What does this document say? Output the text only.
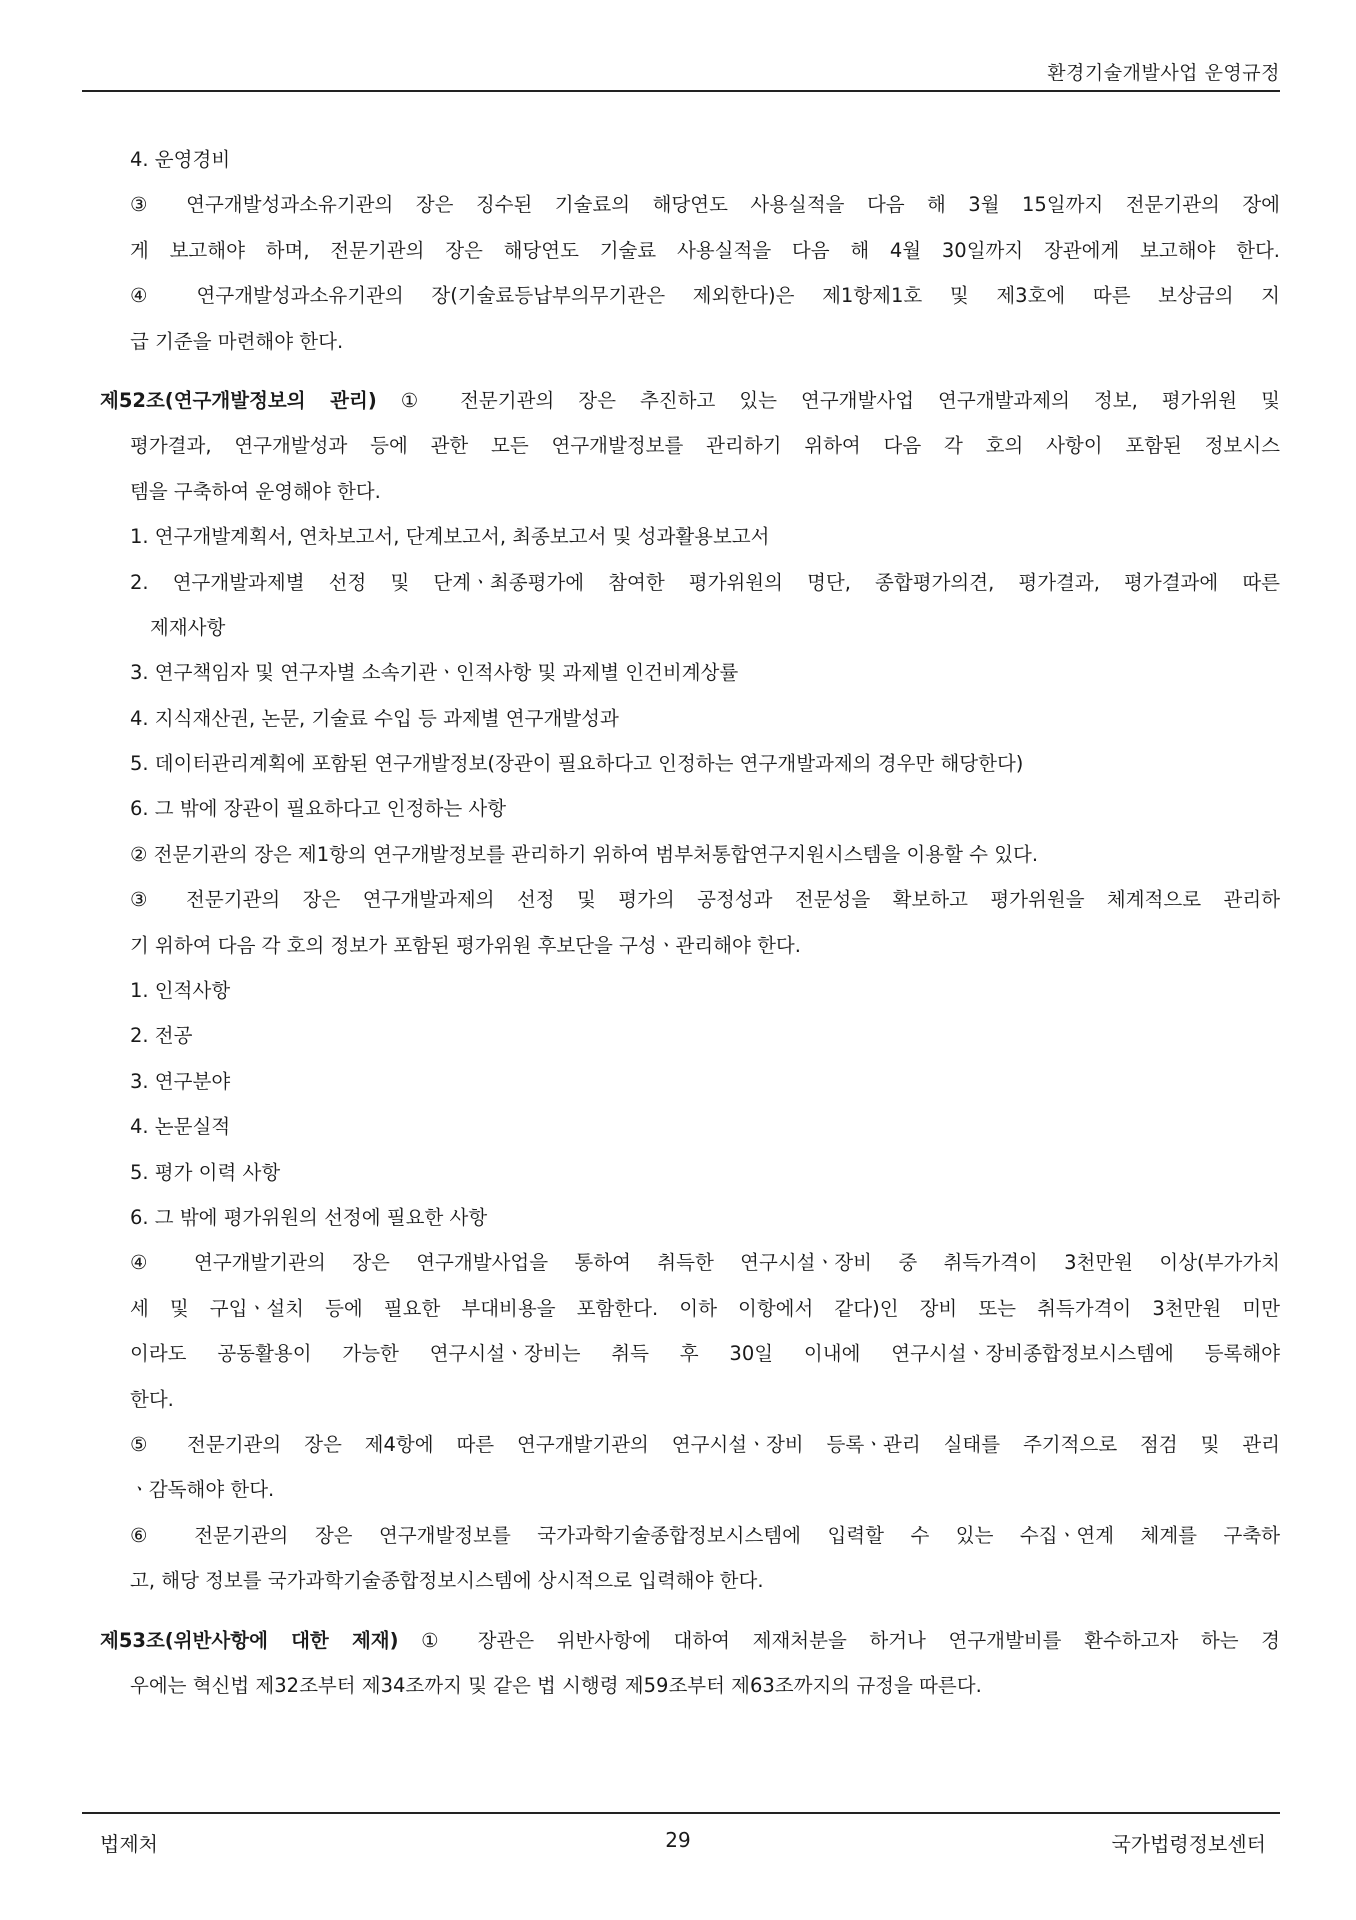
환경기술개발사업 운영규정
4. 운영경비
③ 연구개발성과소유기관의 장은 징수된 기술료의 해당연도 사용실적을 다음 해 3월 15일까지 전문기관의 장에
게 보고해야 하며, 전문기관의 장은 해당연도 기술료 사용실적을 다음 해 4월 30일까지 장관에게 보고해야 한다.
④ 연구개발성과소유기관의 장(기술료등납부의무기관은 제외한다)은 제1항제1호 및 제3호에 따른 보상금의 지
급 기준을 마련해야 한다.
제52조(연구개발정보의 관리) ① 전문기관의 장은 추진하고 있는 연구개발사업 연구개발과제의 정보, 평가위원 및
평가결과, 연구개발성과 등에 관한 모든 연구개발정보를 관리하기 위하여 다음 각 호의 사항이 포함된 정보시스
템을 구축하여 운영해야 한다.
1. 연구개발계획서, 연차보고서, 단계보고서, 최종보고서 및 성과활용보고서
2. 연구개발과제별 선정 및 단계ㆍ최종평가에 참여한 평가위원의 명단, 종합평가의견, 평가결과, 평가결과에 따른
제재사항
3. 연구책임자 및 연구자별 소속기관ㆍ인적사항 및 과제별 인건비계상률
4. 지식재산권, 논문, 기술료 수입 등 과제별 연구개발성과
5. 데이터관리계획에 포함된 연구개발정보(장관이 필요하다고 인정하는 연구개발과제의 경우만 해당한다)
6. 그 밖에 장관이 필요하다고 인정하는 사항
② 전문기관의 장은 제1항의 연구개발정보를 관리하기 위하여 범부처통합연구지원시스템을 이용할 수 있다.
③ 전문기관의 장은 연구개발과제의 선정 및 평가의 공정성과 전문성을 확보하고 평가위원을 체계적으로 관리하
기 위하여 다음 각 호의 정보가 포함된 평가위원 후보단을 구성ㆍ관리해야 한다.
1. 인적사항
2. 전공
3. 연구분야
4. 논문실적
5. 평가 이력 사항
6. 그 밖에 평가위원의 선정에 필요한 사항
④ 연구개발기관의 장은 연구개발사업을 통하여 취득한 연구시설ㆍ장비 중 취득가격이 3천만원 이상(부가가치
세 및 구입ㆍ설치 등에 필요한 부대비용을 포함한다. 이하 이항에서 같다)인 장비 또는 취득가격이 3천만원 미만
이라도 공동활용이 가능한 연구시설ㆍ장비는 취득 후 30일 이내에 연구시설ㆍ장비종합정보시스템에 등록해야
한다.
⑤ 전문기관의 장은 제4항에 따른 연구개발기관의 연구시설ㆍ장비 등록ㆍ관리 실태를 주기적으로 점검 및 관리
ㆍ감독해야 한다.
⑥ 전문기관의 장은 연구개발정보를 국가과학기술종합정보시스템에 입력할 수 있는 수집ㆍ연계 체계를 구축하
고, 해당 정보를 국가과학기술종합정보시스템에 상시적으로 입력해야 한다.
제53조(위반사항에 대한 제재) ① 장관은 위반사항에 대하여 제재처분을 하거나 연구개발비를 환수하고자 하는 경
우에는 혁신법 제32조부터 제34조까지 및 같은 법 시행령 제59조부터 제63조까지의 규정을 따른다.
법제처	29	국가법령정보센터
